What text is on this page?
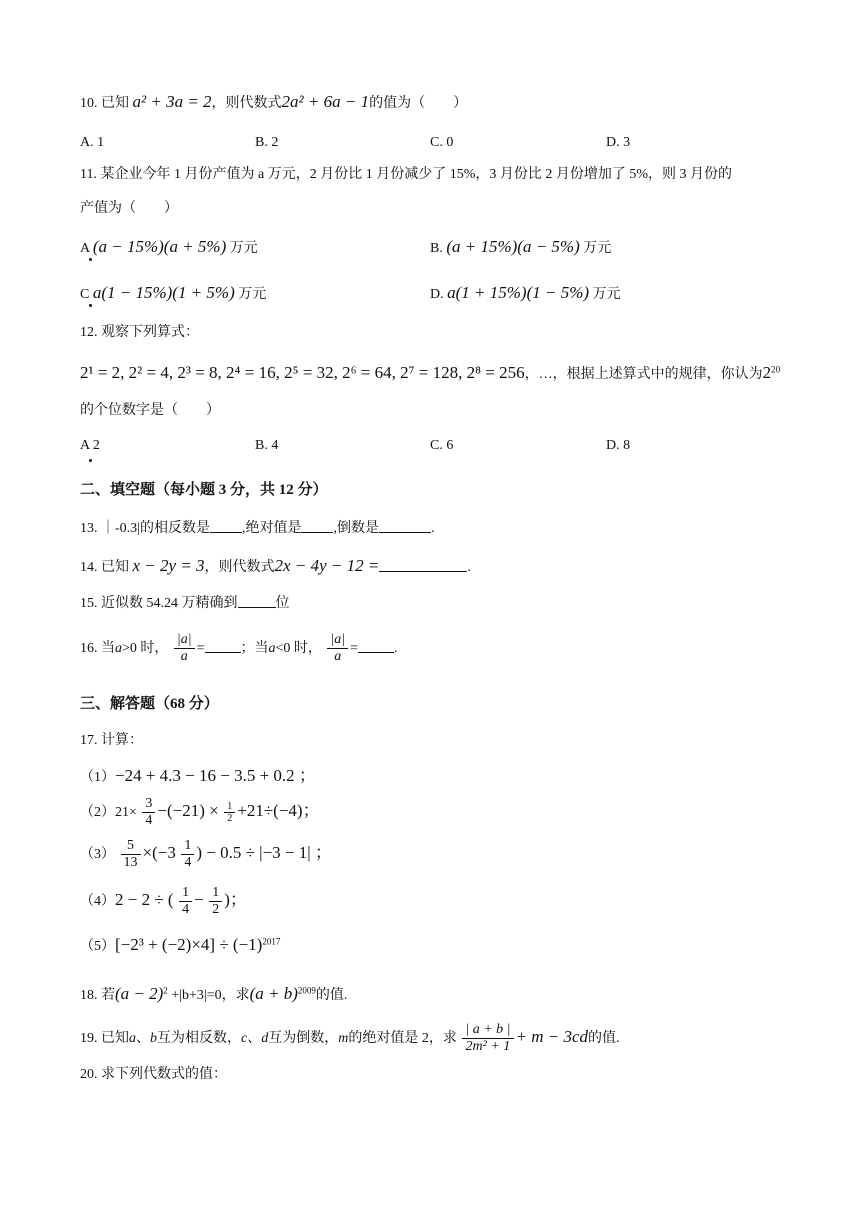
10. 已知 a² + 3a = 2，则代数式2a² + 6a − 1的值为（　　）
A. 1	B. 2	C. 0	D. 3
11. 某企业今年 1 月份产值为 a 万元，2 月份比 1 月份减少了 15%，3 月份比 2 月份增加了 5%，则 3 月份的
产值为（　　）
A (a − 15%)(a + 5%) 万元	B. (a + 15%)(a − 5%) 万元
C a(1 − 15%)(1 + 5%) 万元	D. a(1 + 15%)(1 − 5%) 万元
12. 观察下列算式：
2¹ = 2, 2² = 4, 2³ = 8, 2⁴ = 16, 2⁵ = 32, 2⁶ = 64, 2⁷ = 128, 2⁸ = 256，…，根据上述算式中的规律，你认为$2^{20}$
的个位数字是（　　）
A 2	B. 4	C. 6	D. 8
二、填空题（每小题 3 分，共 12 分）
13. ｜-0.3|的相反数是 ,绝对值是 ,倒数是	.
14. 已知 x − 2y = 3，则代数式2x − 4y − 12 =	.
15. 近似数 54.24 万精确到	位
16. 当a>0 时， $\frac{|a|}{a}$ =	；当a<0 时， $\frac{|a|}{a}$ =	.
三、解答题（68 分）
17. 计算：
（1）−24 + 4.3 − 16 − 3.5 + 0.2 ；
$(2)21\times \frac{3}{4} -(-21) \times \frac{1}{2} +21\div(-4)$；
$(3) \frac{5}{13} \times(-3 \frac{1}{4}$ ) − 0.5 ÷ |−3 − 1| ；
（4）2 − 2 ÷ ( $\frac{1}{4} - \frac{1}{2}$ )；
$(5)[-2^3 + (-2)\times 4] \div (-1)^{2017}$
18. 若$(a - 2)^2 +|b+3|=0$，求$(a + b)^{2009}$的值.
19. 已知a、b互为相反数，c、d互为倒数，m的绝对值是 2，求 $\frac{| a + b |}{\text{2m² + 1}} + m - 3cd$的值.
20. 求下列代数式的值：
